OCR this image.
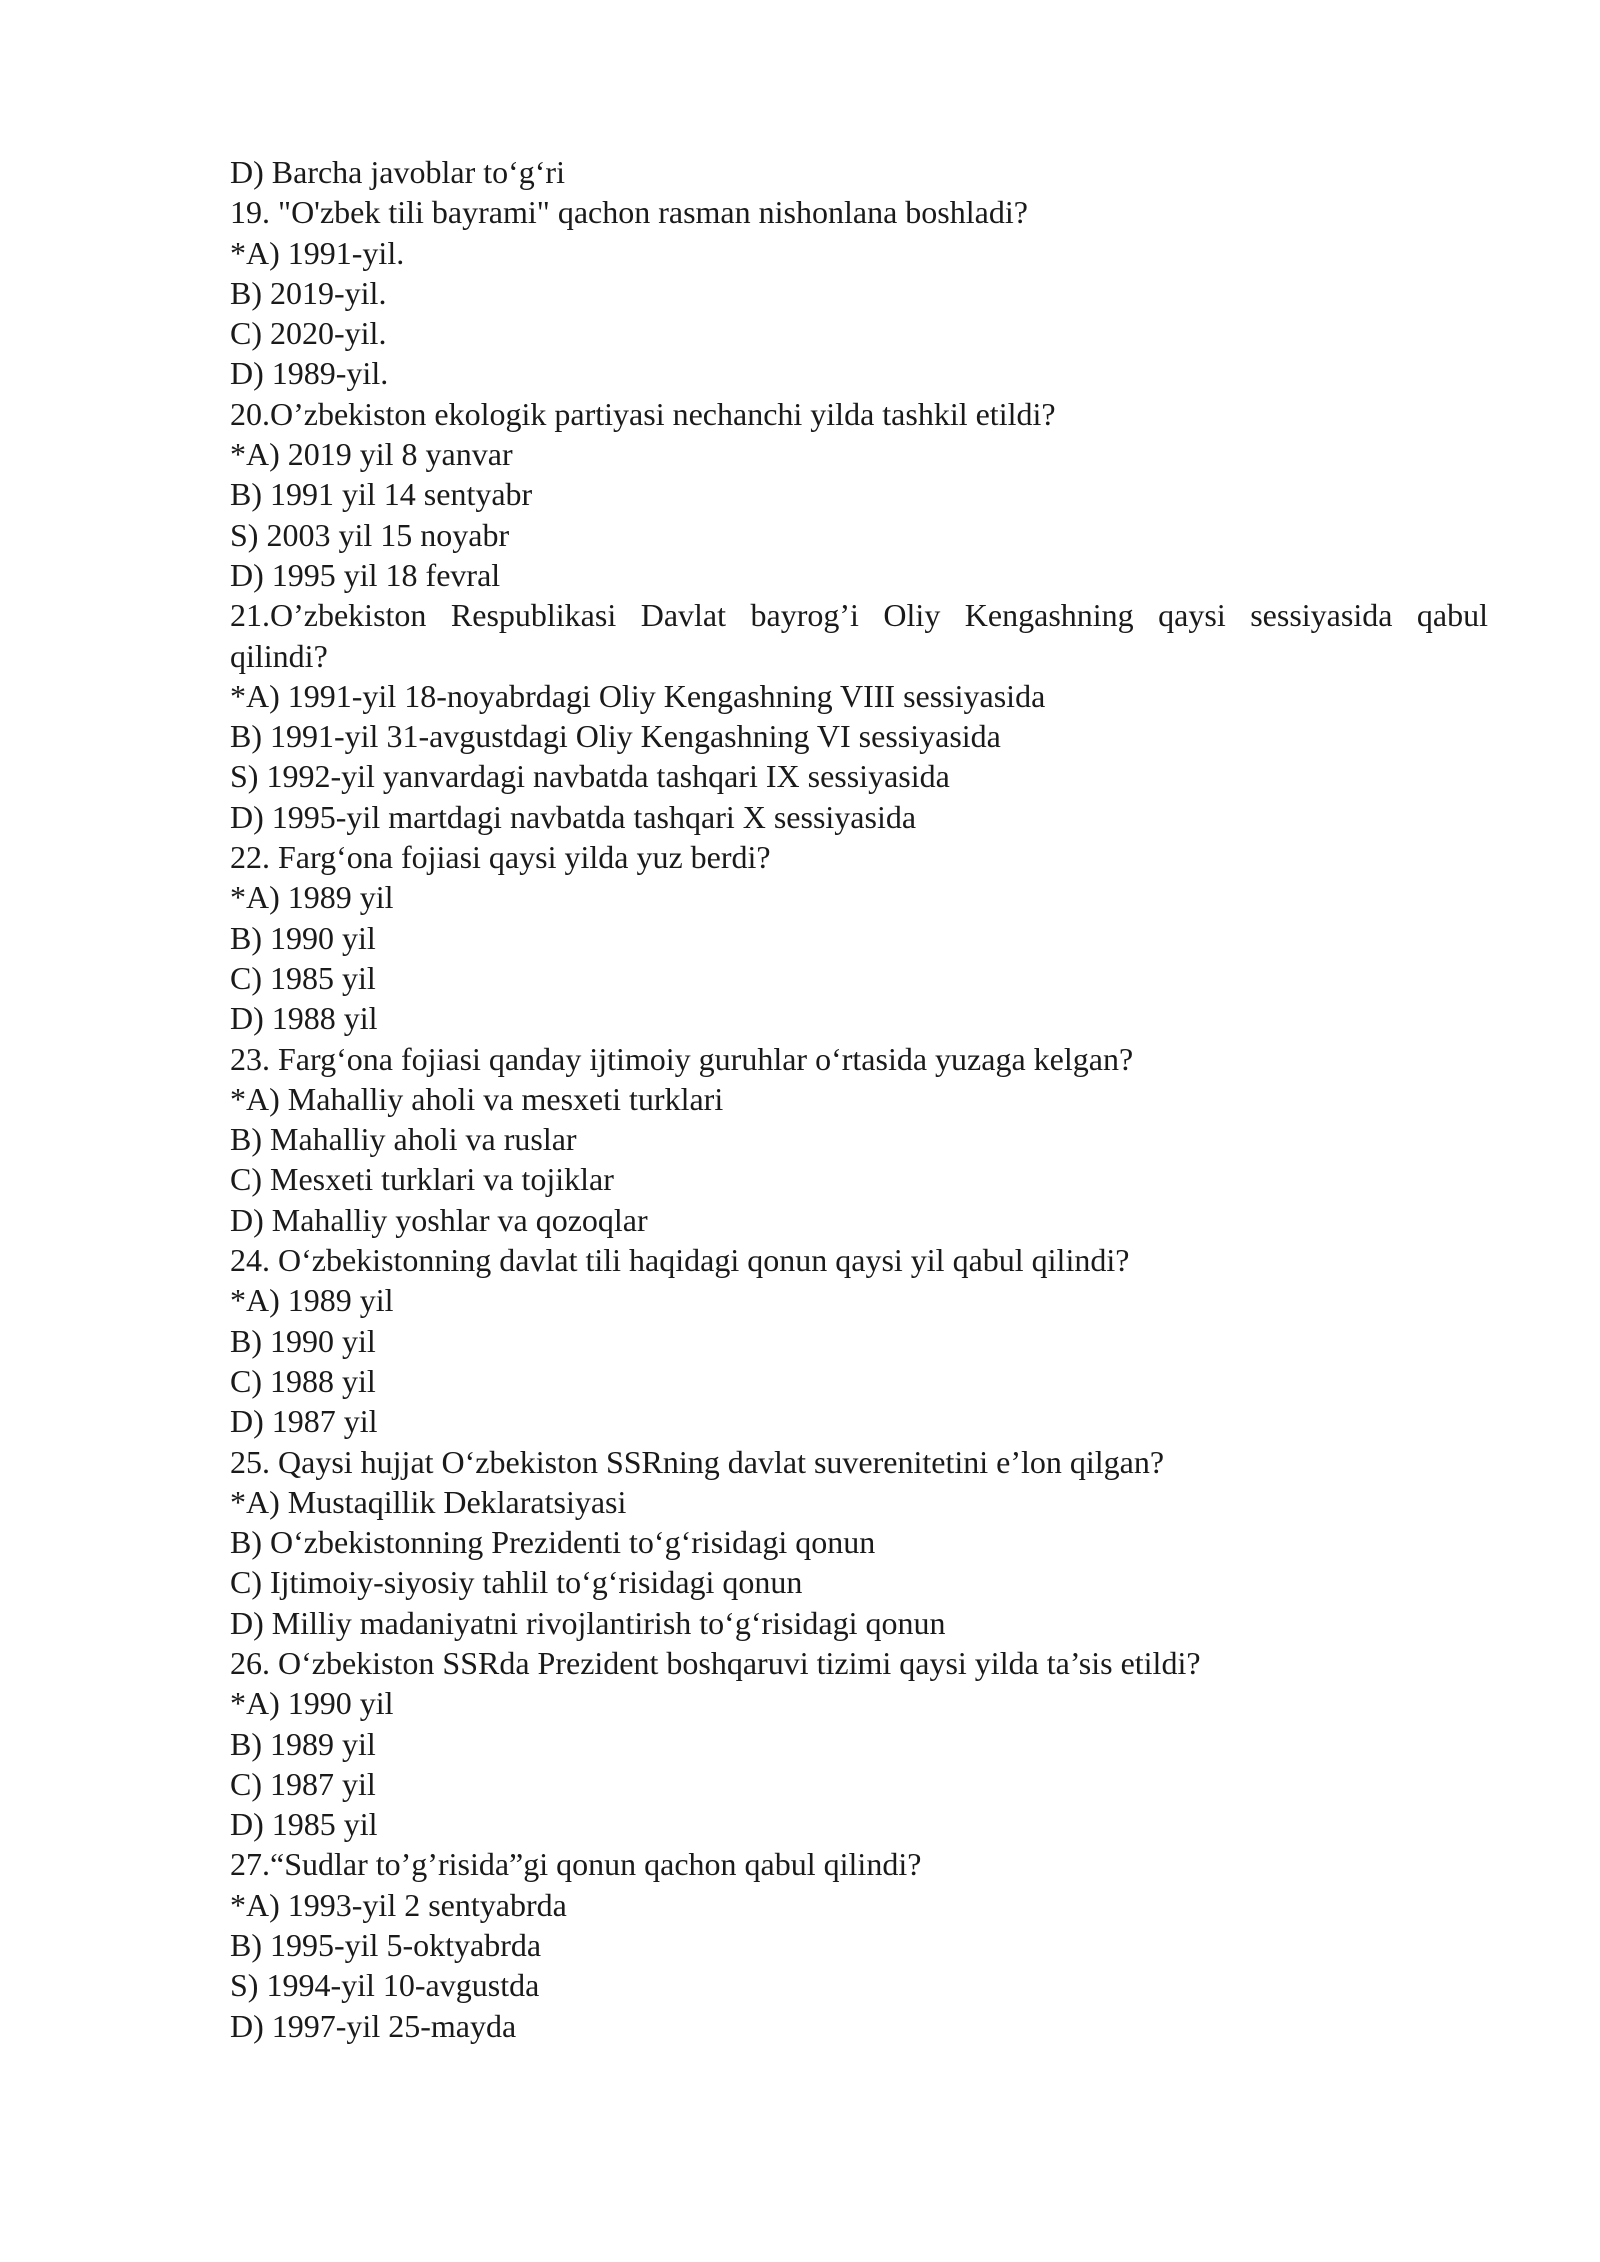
D) Barcha javoblar to‘g‘ri
19. "O'zbek tili bayrami" qachon rasman nishonlana boshladi?
*A) 1991-yil.
B) 2019-yil.
C) 2020-yil.
D) 1989-yil.
20.O’zbekiston ekologik partiyasi nechanchi yilda tashkil etildi?
*A) 2019 yil 8 yanvar
B) 1991 yil 14 sentyabr
S) 2003 yil 15 noyabr
D) 1995 yil 18 fevral
21.O’zbekiston Respublikasi Davlat bayrog’i Oliy Kengashning qaysi sessiyasida qabul
qilindi?
*A) 1991-yil 18-noyabrdagi Oliy Kengashning VIII sessiyasida
B) 1991-yil 31-avgustdagi Oliy Kengashning VI sessiyasida
S) 1992-yil yanvardagi navbatda tashqari IX sessiyasida
D) 1995-yil martdagi navbatda tashqari X sessiyasida
22. Farg‘ona fojiasi qaysi yilda yuz berdi?
*A) 1989 yil
B) 1990 yil
C) 1985 yil
D) 1988 yil
23. Farg‘ona fojiasi qanday ijtimoiy guruhlar o‘rtasida yuzaga kelgan?
*A) Mahalliy aholi va mesxeti turklari
B) Mahalliy aholi va ruslar
C) Mesxeti turklari va tojiklar
D) Mahalliy yoshlar va qozoqlar
24. O‘zbekistonning davlat tili haqidagi qonun qaysi yil qabul qilindi?
*A) 1989 yil
B) 1990 yil
C) 1988 yil
D) 1987 yil
25. Qaysi hujjat O‘zbekiston SSRning davlat suverenitetini e’lon qilgan?
*A) Mustaqillik Deklaratsiyasi
B) O‘zbekistonning Prezidenti to‘g‘risidagi qonun
C) Ijtimoiy-siyosiy tahlil to‘g‘risidagi qonun
D) Milliy madaniyatni rivojlantirish to‘g‘risidagi qonun
26. O‘zbekiston SSRda Prezident boshqaruvi tizimi qaysi yilda ta’sis etildi?
*A) 1990 yil
B) 1989 yil
C) 1987 yil
D) 1985 yil
27.“Sudlar to’g’risida”gi qonun qachon qabul qilindi?
*A) 1993-yil 2 sentyabrda
B) 1995-yil 5-oktyabrda
S) 1994-yil 10-avgustda
D) 1997-yil 25-mayda
